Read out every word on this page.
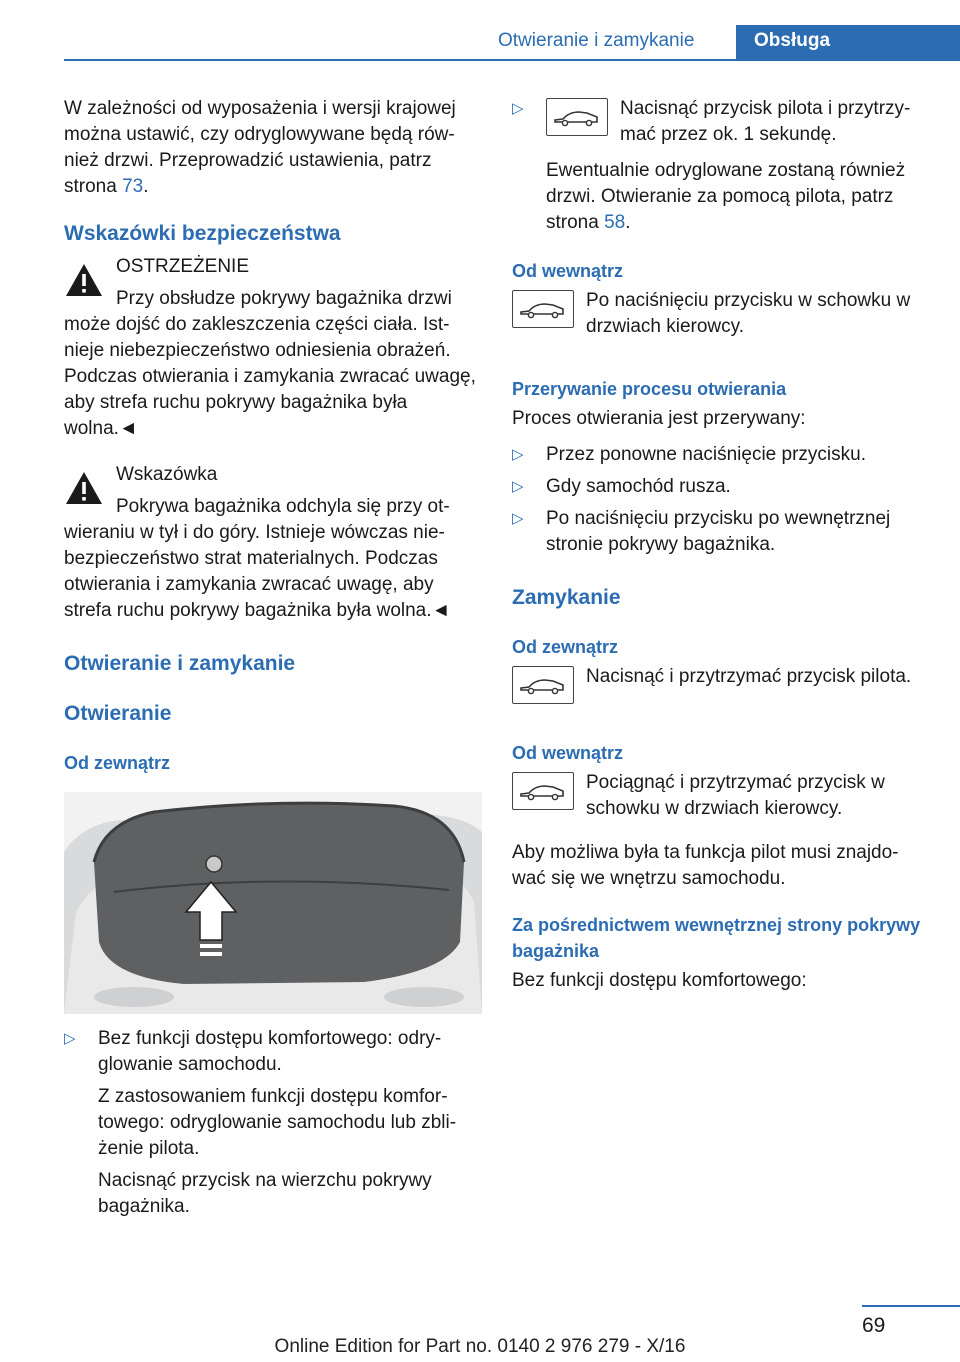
Otwieranie i zamykanie	Obsługa

W zależności od wyposażenia i wersji krajowej można ustawić, czy odryglowywane będą rów‐ nież drzwi. Przeprowadzić ustawienia, patrz strona 73.

Wskazówki bezpieczeństwa

OSTRZEŻENIE

Przy obsłudze pokrywy bagażnika drzwi

może dojść do zakleszczenia części ciała. Ist‐ nieje niebezpieczeństwo odniesienia obrażeń. Podczas otwierania i zamykania zwracać uwagę, aby strefa ruchu pokrywy bagażnika była wolna.◄

Wskazówka

Pokrywa bagażnika odchyla się przy ot‐

wieraniu w tył i do góry. Istnieje wówczas nie‐ bezpieczeństwo strat materialnych. Podczas otwierania i zamykania zwracać uwagę, aby strefa ruchu pokrywy bagażnika była wolna.◄

Otwieranie i zamykanie
Otwieranie
Od zewnątrz
▷	Bez funkcji dostępu komfortowego: odry‐ glowanie samochodu.

Z zastosowaniem funkcji dostępu komfor‐ towego: odryglowanie samochodu lub zbli‐ żenie pilota.

Nacisnąć przycisk na wierzchu pokrywy bagażnika.

▷	Nacisnąć przycisk pilota i przytrzy‐ mać przez ok. 1 sekundę.

Ewentualnie odryglowane zostaną również drzwi. Otwieranie za pomocą pilota, patrz strona 58.

Od wewnątrz
Po naciśnięciu przycisku w schowku w drzwiach kierowcy.
Przerywanie procesu otwierania

Proces otwierania jest przerywany:

▷	Przez ponowne naciśnięcie przycisku.
▷	Gdy samochód rusza.
▷	Po naciśnięciu przycisku po wewnętrznej stronie pokrywy bagażnika.
Zamykanie
Od zewnątrz
Nacisnąć i przytrzymać przycisk pilota.
Od wewnątrz
Pociągnąć i przytrzymać przycisk w schowku w drzwiach kierowcy.

Aby możliwa była ta funkcja pilot musi znajdo‐ wać się we wnętrzu samochodu.

Za pośrednictwem wewnętrznej strony pokrywy bagażnika

Bez funkcji dostępu komfortowego:

69
Online Edition for Part no. 0140 2 976 279 - X/16
